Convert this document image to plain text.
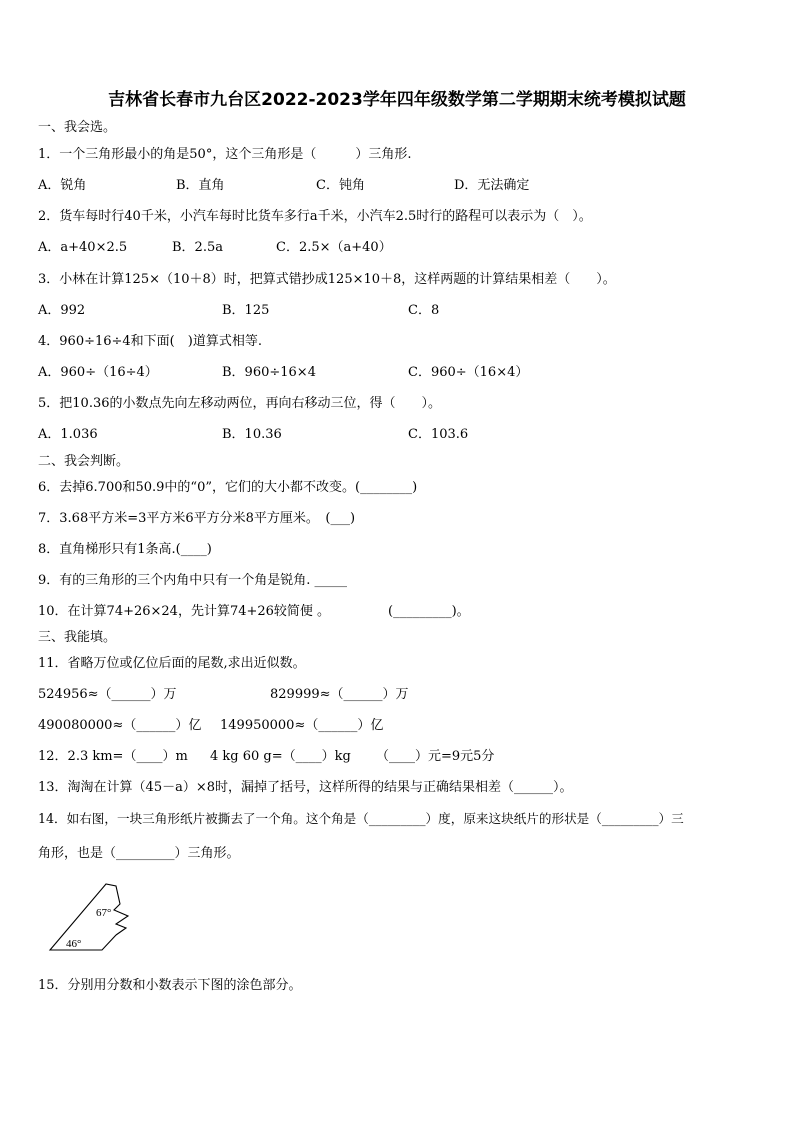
吉林省长春市九台区2022-2023学年四年级数学第二学期期末统考模拟试题
一、我会选。
1．一个三角形最小的角是50°，这个三角形是（　　　）三角形.
A．锐角	B．直角	C．钝角	D．无法确定
2．货车每时行40千米，小汽车每时比货车多行a千米，小汽车2.5时行的路程可以表示为（　）。
A．a+40×2.5	B．2.5a	C．2.5×（a+40）
3．小林在计算125×（10＋8）时，把算式错抄成125×10＋8，这样两题的计算结果相差（　　）。
A．992	B．125	C．8
4．960÷16÷4和下面(　)道算式相等.
A．960÷（16÷4）	B．960÷16×4	C．960÷（16×4）
5．把10.36的小数点先向左移动两位，再向右移动三位，得（　　）。
A．1.036	B．10.36	C．103.6
二、我会判断。
6．去掉6.700和50.9中的“0”，它们的大小都不改变。(________)
7．3.68平方米=3平方米6平方分米8平方厘米。　(___)
8．直角梯形只有1条高.(____)
9．有的三角形的三个内角中只有一个角是锐角. _____
10．在计算74+26×24，先计算74+26较简便 。	(_________)。
三、我能填。
11．省略万位或亿位后面的尾数,求出近似数。
524956≈（______）万	829999≈（______）万
490080000≈（______）亿 149950000≈（______）亿
12．2.3 km=（____）m 4 kg 60 g=（____）kg （____）元=9元5分
13．淘淘在计算（45－a）×8时，漏掉了括号，这样所得的结果与正确结果相差（______）。
14．如右图，一块三角形纸片被撕去了一个角。这个角是（_________）度，原来这块纸片的形状是（_________）三
角形，也是（_________）三角形。
67°
46°
15．分别用分数和小数表示下图的涂色部分。
